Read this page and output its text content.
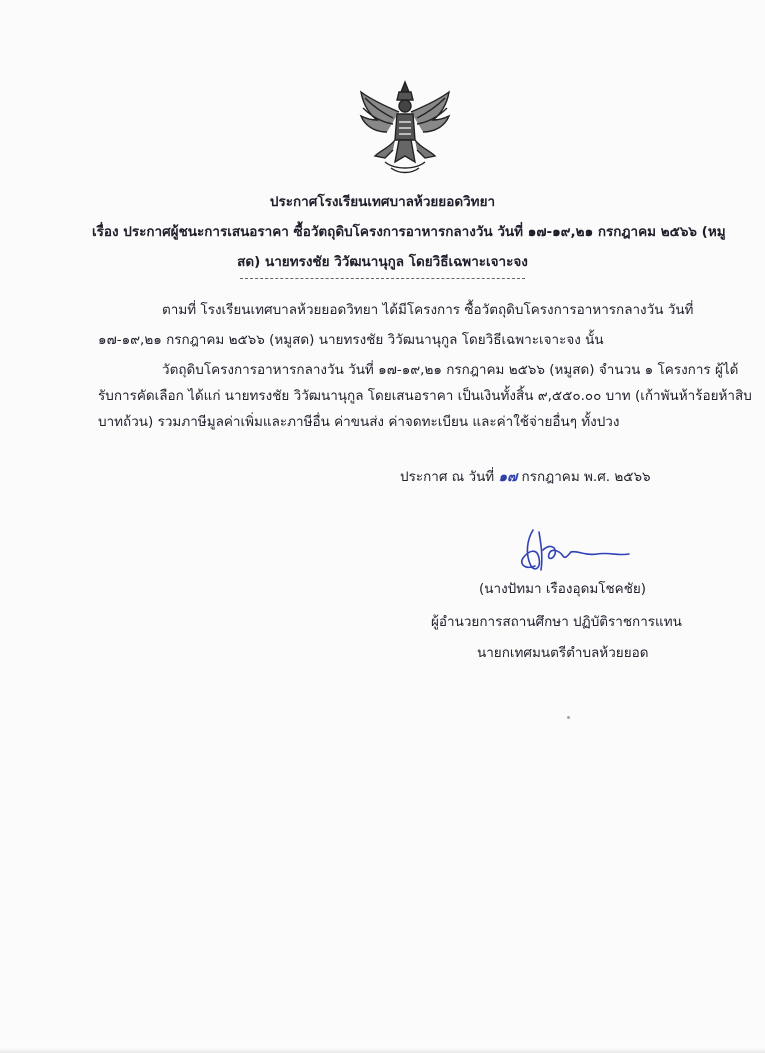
ประกาศโรงเรียนเทศบาลห้วยยอดวิทยา
เรื่อง ประกาศผู้ชนะการเสนอราคา ซื้อวัตถุดิบโครงการอาหารกลางวัน วันที่ ๑๗-๑๙,๒๑ กรกฎาคม ๒๕๖๖ (หมู
สด) นายทรงชัย วิวัฒนานุกูล โดยวิธีเฉพาะเจาะจง
ตามที่ โรงเรียนเทศบาลห้วยยอดวิทยา ได้มีโครงการ ซื้อวัตถุดิบโครงการอาหารกลางวัน วันที่
๑๗-๑๙,๒๑ กรกฎาคม ๒๕๖๖ (หมูสด) นายทรงชัย วิวัฒนานุกูล โดยวิธีเฉพาะเจาะจง นั้น
วัตถุดิบโครงการอาหารกลางวัน วันที่ ๑๗-๑๙,๒๑ กรกฎาคม ๒๕๖๖ (หมูสด) จำนวน ๑ โครงการ ผู้ได้
รับการคัดเลือก ได้แก่ นายทรงชัย วิวัฒนานุกูล โดยเสนอราคา เป็นเงินทั้งสิ้น ๙,๕๕๐.๐๐ บาท (เก้าพันห้าร้อยห้าสิบ
บาทถ้วน) รวมภาษีมูลค่าเพิ่มและภาษีอื่น ค่าขนส่ง ค่าจดทะเบียน และค่าใช้จ่ายอื่นๆ ทั้งปวง
ประกาศ ณ วันที่ ๑๗ กรกฎาคม พ.ศ. ๒๕๖๖
(นางปัทมา เรืองอุดมโชคชัย)
ผู้อำนวยการสถานศึกษา ปฏิบัติราชการแทน
นายกเทศมนตรีตำบลห้วยยอด
